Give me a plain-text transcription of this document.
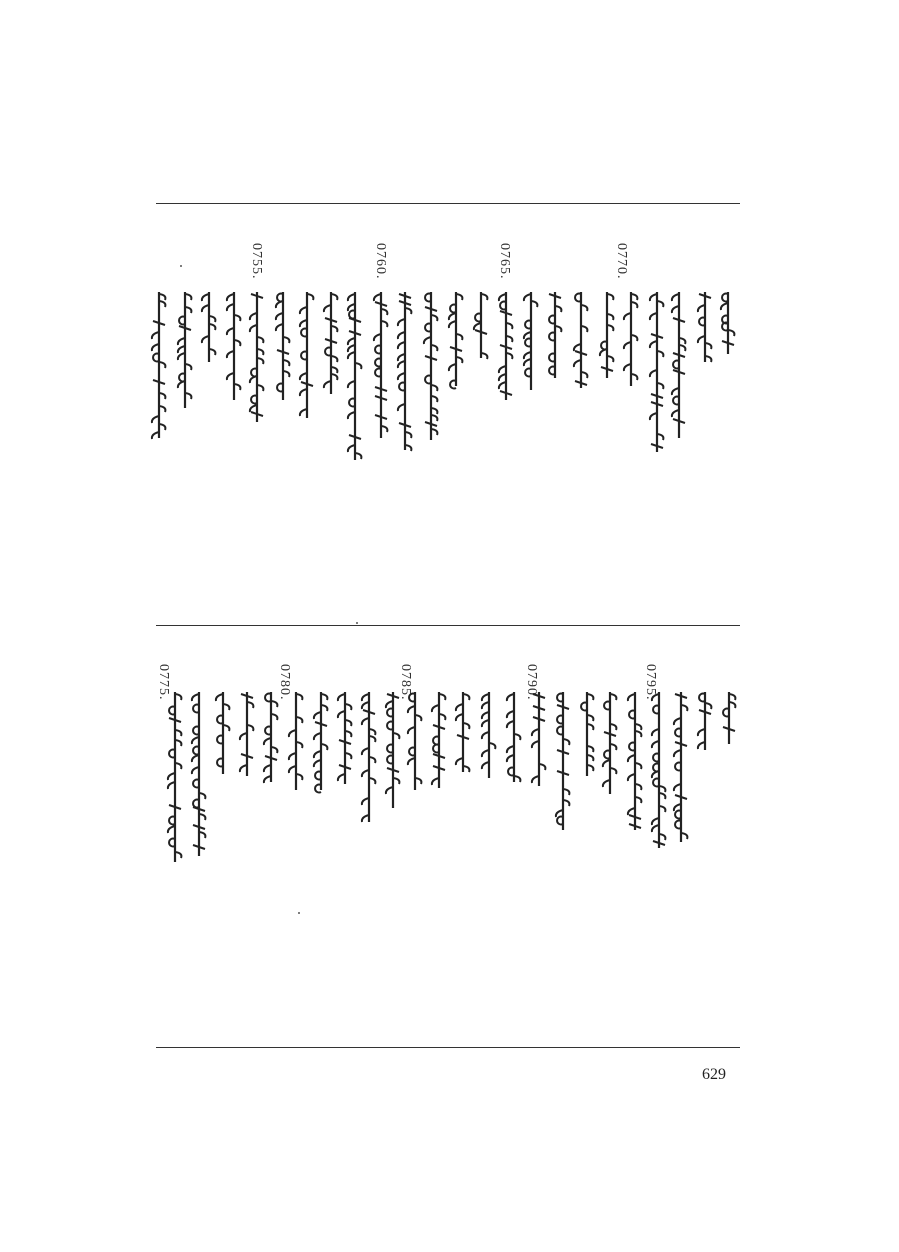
0770.
0765.
0760.
0755.
0795.
0790.
0785.
0780.
0775.
629
